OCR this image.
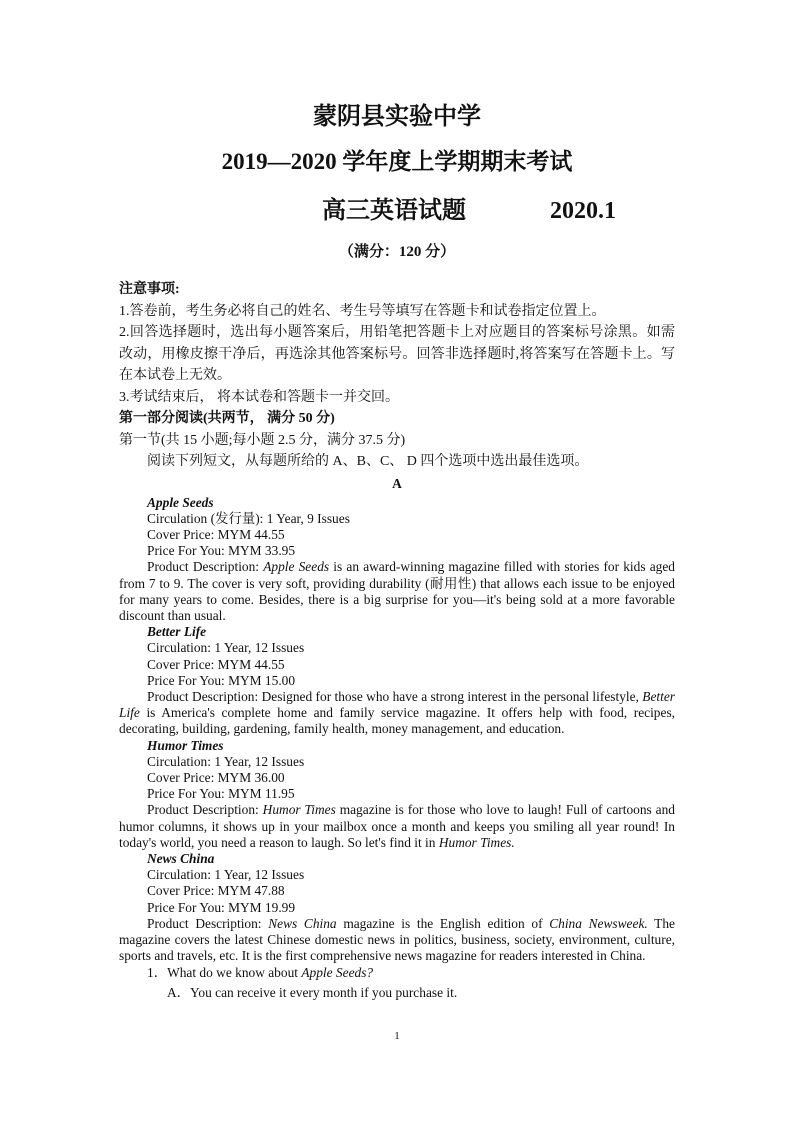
蒙阴县实验中学
2019—2020 学年度上学期期末考试
高三英语试题	2020.1
（满分：120 分）
注意事项:
1.答卷前，考生务必将自己的姓名、考生号等填写在答题卡和试卷指定位置上。
2.回答选择题时，选出每小题答案后，用铅笔把答题卡上对应题目的答案标号涂黑。如需改动，用橡皮擦干净后，再选涂其他答案标号。回答非选择题时,将答案写在答题卡上。写在本试卷上无效。
3.考试结束后， 将本试卷和答题卡一并交回。
第一部分阅读(共两节， 满分 50 分)
第一节(共 15 小题;每小题 2.5 分，满分 37.5 分)
阅读下列短文，从每题所给的 A、B、C、 D 四个选项中选出最佳选项。
A
Apple Seeds
Circulation (发行量): 1 Year, 9 Issues
Cover Price: MYM 44.55
Price For You: MYM 33.95
Product Description: Apple Seeds is an award-winning magazine filled with stories for kids aged from 7 to 9. The cover is very soft, providing durability (耐用性) that allows each issue to be enjoyed for many years to come. Besides, there is a big surprise for you—it's being sold at a more favorable discount than usual.
Better Life
Circulation: 1 Year, 12 Issues
Cover Price: MYM 44.55
Price For You: MYM 15.00
Product Description: Designed for those who have a strong interest in the personal lifestyle, Better Life is America's complete home and family service magazine. It offers help with food, recipes, decorating, building, gardening, family health, money management, and education.
Humor Times
Circulation: 1 Year, 12 Issues
Cover Price: MYM 36.00
Price For You: MYM 11.95
Product Description: Humor Times magazine is for those who love to laugh! Full of cartoons and humor columns, it shows up in your mailbox once a month and keeps you smiling all year round! In today's world, you need a reason to laugh. So let's find it in Humor Times.
News China
Circulation: 1 Year, 12 Issues
Cover Price: MYM 47.88
Price For You: MYM 19.99
Product Description: News China magazine is the English edition of China Newsweek. The magazine covers the latest Chinese domestic news in politics, business, society, environment, culture, sports and travels, etc. It is the first comprehensive news magazine for readers interested in China.
1．What do we know about Apple Seeds?
A．You can receive it every month if you purchase it.
1
